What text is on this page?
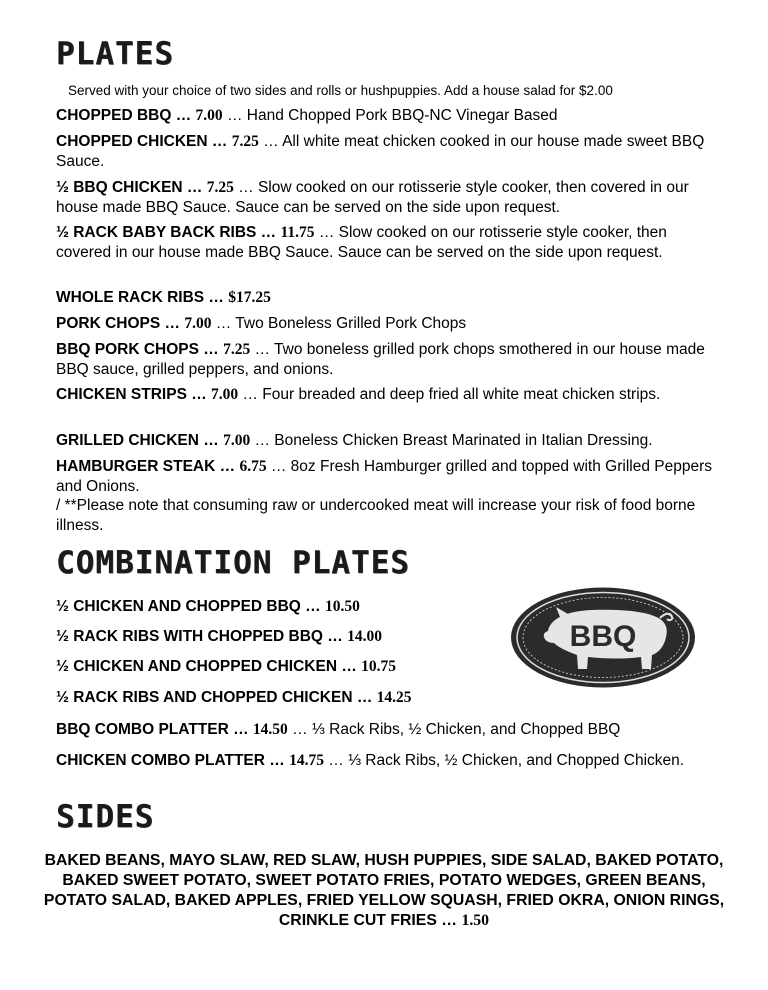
PLATES
Served with your choice of two sides and rolls or hushpuppies. Add a house salad for $2.00
CHOPPED BBQ … 7.00 … Hand Chopped Pork BBQ-NC Vinegar Based
CHOPPED CHICKEN … 7.25 … All white meat chicken cooked in our house made sweet BBQ Sauce.
½ BBQ CHICKEN … 7.25 … Slow cooked on our rotisserie style cooker, then covered in our house made BBQ Sauce. Sauce can be served on the side upon request.
½ RACK BABY BACK RIBS … 11.75 … Slow cooked on our rotisserie style cooker, then covered in our house made BBQ Sauce. Sauce can be served on the side upon request.
WHOLE RACK RIBS … $17.25
PORK CHOPS … 7.00 … Two Boneless Grilled Pork Chops
BBQ PORK CHOPS … 7.25 … Two boneless grilled pork chops smothered in our house made BBQ sauce, grilled peppers, and onions.
CHICKEN STRIPS … 7.00 … Four breaded and deep fried all white meat chicken strips.
GRILLED CHICKEN … 7.00 … Boneless Chicken Breast Marinated in Italian Dressing.
HAMBURGER STEAK … 6.75 … 8oz Fresh Hamburger grilled and topped with Grilled Peppers and Onions.
/ **Please note that consuming raw or undercooked meat will increase your risk of food borne illness.
COMBINATION PLATES
½ CHICKEN AND CHOPPED BBQ … 10.50
½ RACK RIBS WITH CHOPPED BBQ … 14.00
½ CHICKEN AND CHOPPED CHICKEN … 10.75
½ RACK RIBS AND CHOPPED CHICKEN … 14.25
BBQ COMBO PLATTER … 14.50 … ⅓ Rack Ribs, ½ Chicken, and Chopped BBQ
CHICKEN COMBO PLATTER … 14.75 … ⅓ Rack Ribs, ½ Chicken, and Chopped Chicken.
BBQ
SIDES
BAKED BEANS, MAYO SLAW, RED SLAW, HUSH PUPPIES, SIDE SALAD, BAKED POTATO, BAKED SWEET POTATO, SWEET POTATO FRIES, POTATO WEDGES, GREEN BEANS, POTATO SALAD, BAKED APPLES, FRIED YELLOW SQUASH, FRIED OKRA, ONION RINGS, CRINKLE CUT FRIES … 1.50
